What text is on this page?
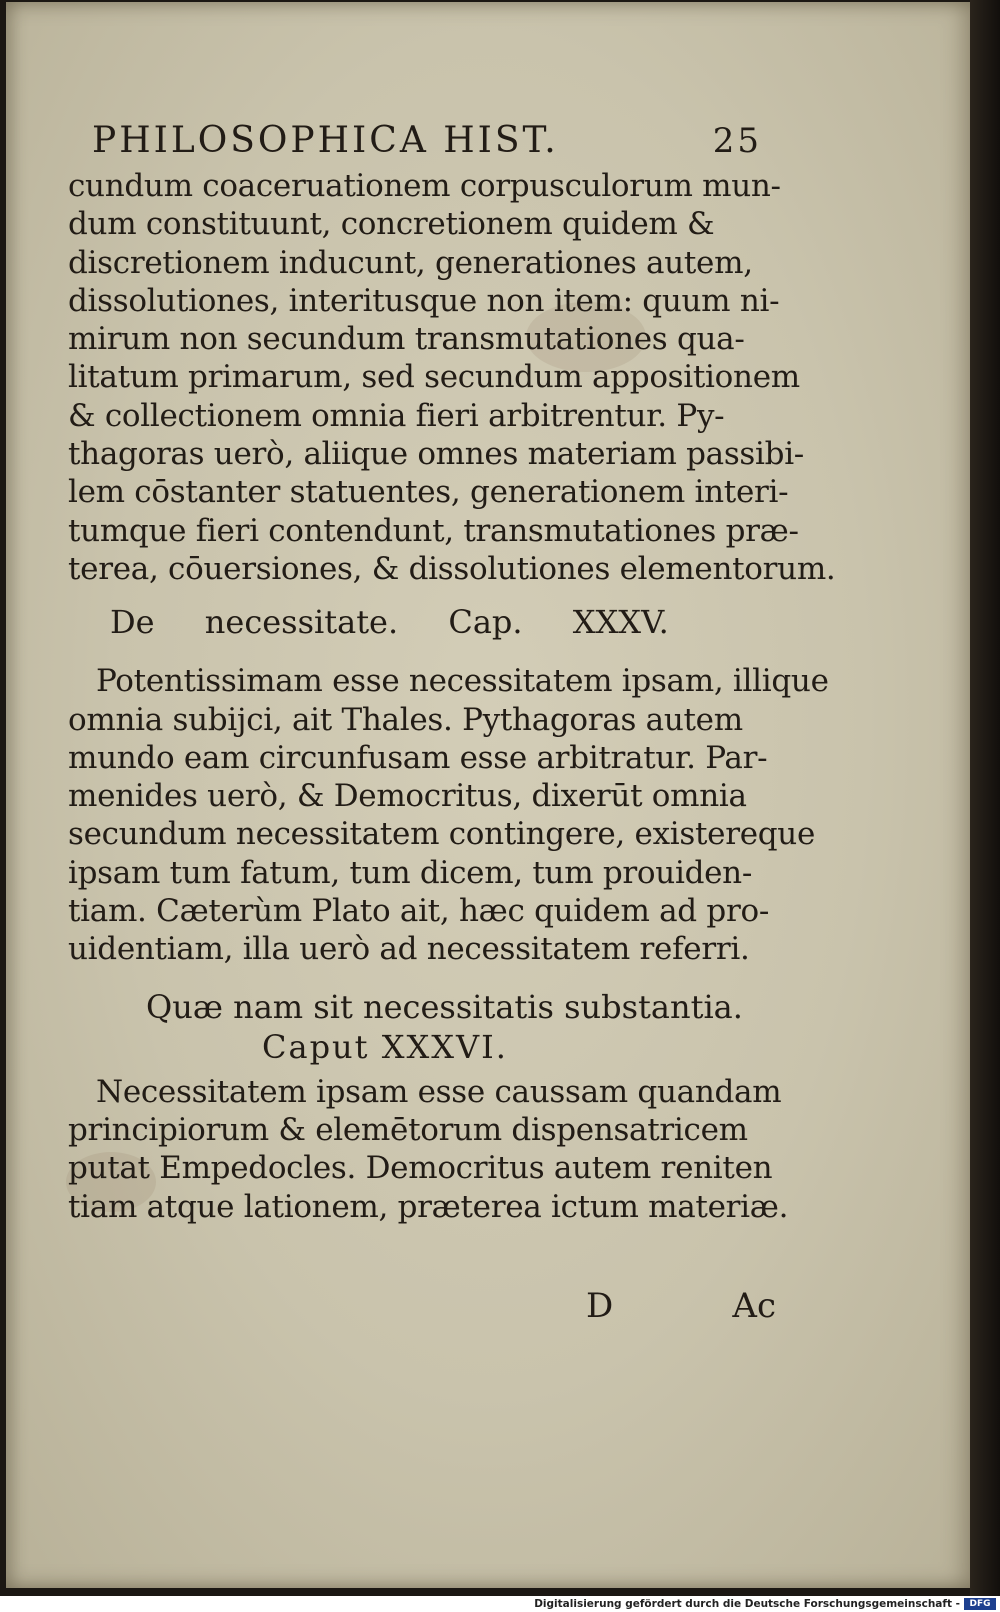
PHILOSOPHICA HIST.	25
cundum coaceruationem corpusculorum mun-
dum constituunt, concretionem quidem &
discretionem inducunt, generationes autem,
dissolutiones, interitusque non item: quum ni-
mirum non secundum transmutationes qua-
litatum primarum, sed secundum appositionem
& collectionem omnia fieri arbitrentur. Py-
thagoras uerò, aliique omnes materiam passibi-
lem cōstanter statuentes, generationem interi-
tumque fieri contendunt, transmutationes præ-
terea, cōuersiones, & dissolutiones elementorum.
De necessitate. Cap. XXXV.
Potentissimam esse necessitatem ipsam, illique
omnia subijci, ait Thales. Pythagoras autem
mundo eam circunfusam esse arbitratur. Par-
menides uerò, & Democritus, dixerūt omnia
secundum necessitatem contingere, existereque
ipsam tum fatum, tum dicem, tum prouiden-
tiam. Cæterùm Plato ait, hæc quidem ad pro-
uidentiam, illa uerò ad necessitatem referri.
Quæ nam sit necessitatis substantia.
Caput XXXVI.
Necessitatem ipsam esse caussam quandam
principiorum & elemētorum dispensatricem
putat Empedocles. Democritus autem reniten
tiam atque lationem, præterea ictum materiæ.
D	Ac
Digitalisierung gefördert durch die Deutsche Forschungsgemeinschaft -	DFG
